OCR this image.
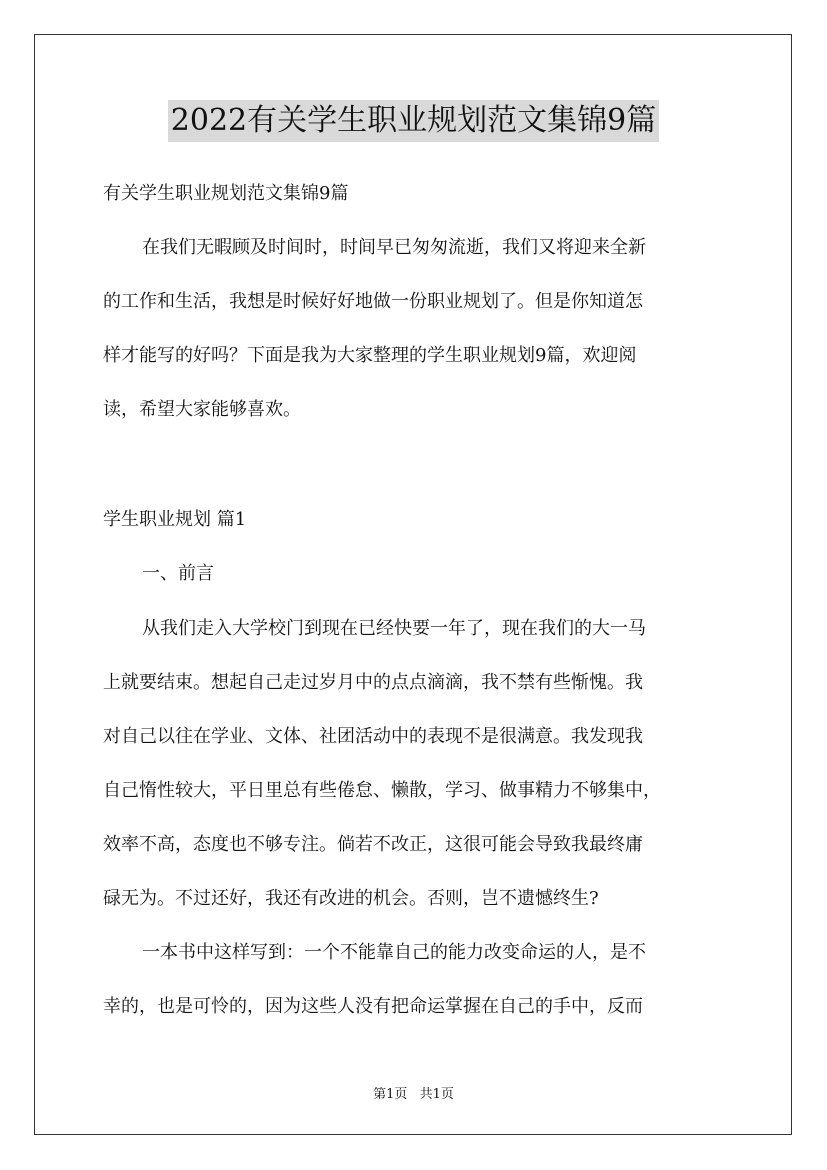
2022有关学生职业规划范文集锦9篇
有关学生职业规划范文集锦9篇
在我们无暇顾及时间时，时间早已匆匆流逝，我们又将迎来全新
的工作和生活，我想是时候好好地做一份职业规划了。但是你知道怎
样才能写的好吗？下面是我为大家整理的学生职业规划9篇，欢迎阅
读，希望大家能够喜欢。
学生职业规划 篇1
一、前言
从我们走入大学校门到现在已经快要一年了，现在我们的大一马
上就要结束。想起自己走过岁月中的点点滴滴，我不禁有些惭愧。我
对自己以往在学业、文体、社团活动中的表现不是很满意。我发现我
自己惰性较大，平日里总有些倦怠、懒散，学习、做事精力不够集中，
效率不高，态度也不够专注。倘若不改正，这很可能会导致我最终庸
碌无为。不过还好，我还有改进的机会。否则，岂不遗憾终生?
一本书中这样写到：一个不能靠自己的能力改变命运的人，是不
幸的，也是可怜的，因为这些人没有把命运掌握在自己的手中，反而
第1页 共1页
